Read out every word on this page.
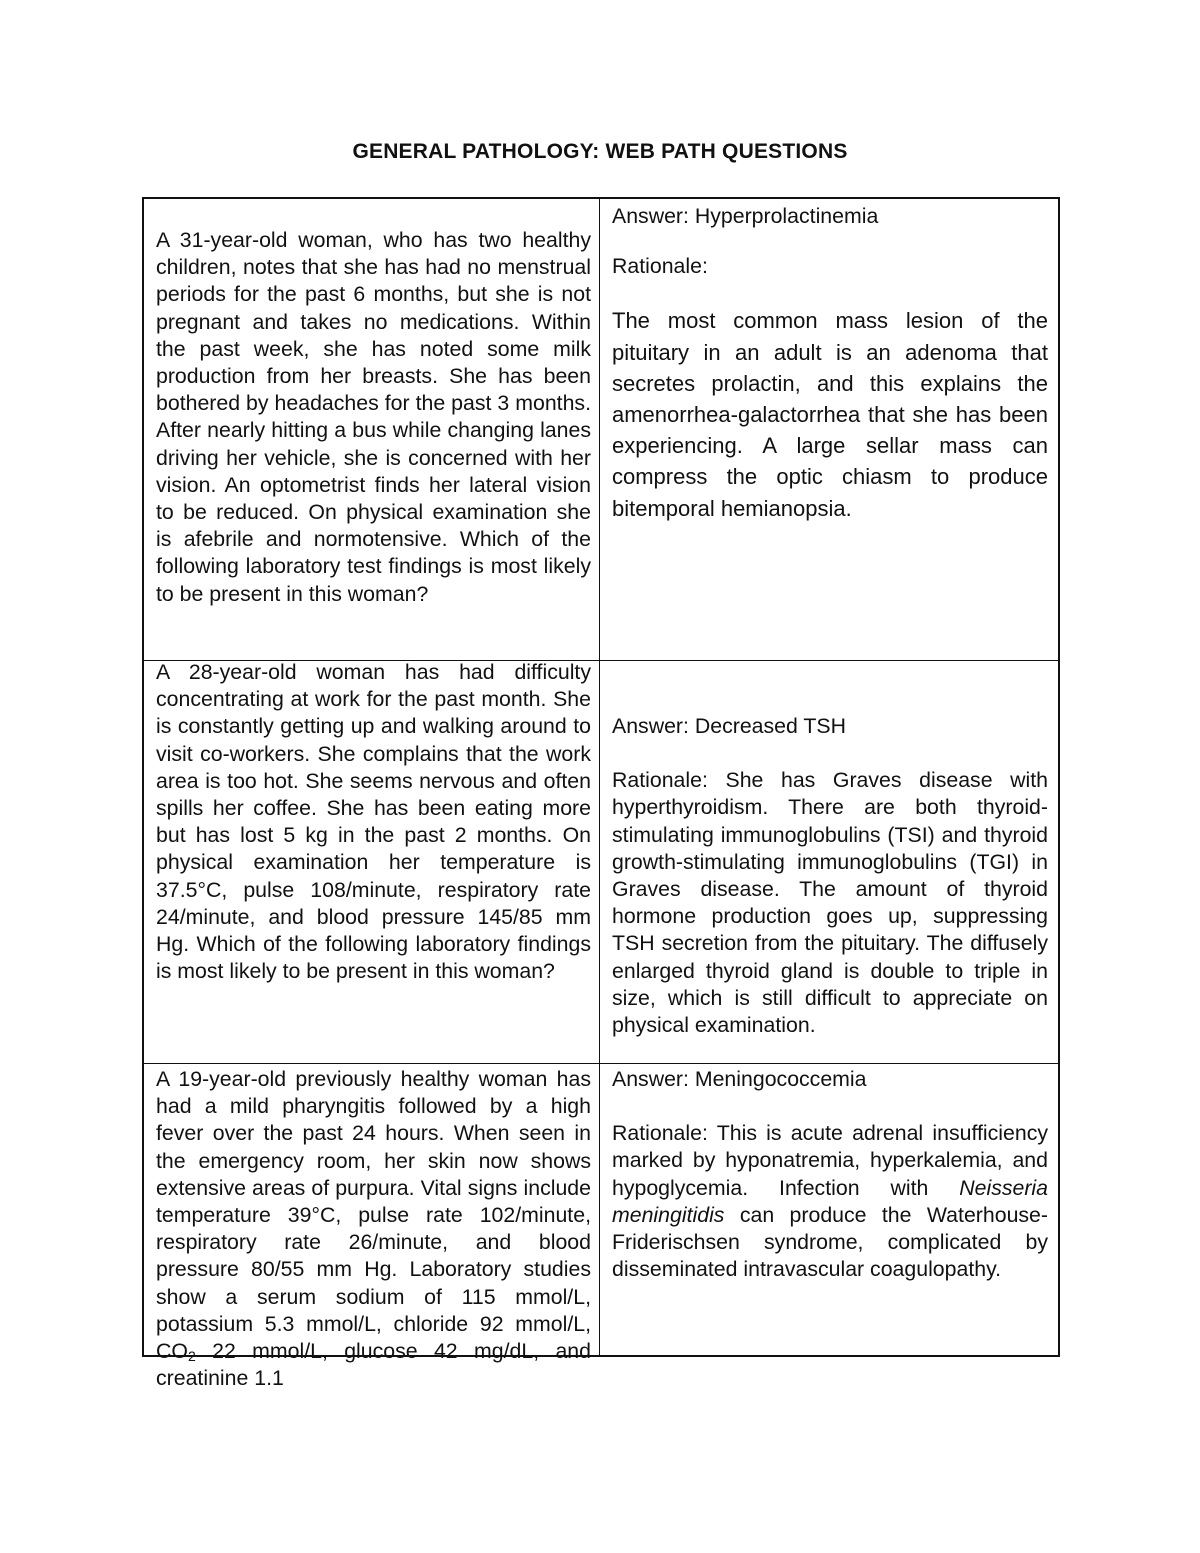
GENERAL PATHOLOGY: WEB PATH QUESTIONS

A 31-year-old woman, who has two healthy children, notes that she has had no menstrual periods for the past 6 months, but she is not pregnant and takes no medications. Within the past week, she has noted some milk production from her breasts. She has been bothered by headaches for the past 3 months. After nearly hitting a bus while changing lanes driving her vehicle, she is concerned with her vision. An optometrist finds her lateral vision to be reduced. On physical examination she is afebrile and normotensive. Which of the following laboratory test findings is most likely to be present in this woman?

Answer: Hyperprolactinemia

Rationale:

The most common mass lesion of the pituitary in an adult is an adenoma that secretes prolactin, and this explains the amenorrhea-galactorrhea that she has been experiencing. A large sellar mass can compress the optic chiasm to produce bitemporal hemianopsia.

A 28-year-old woman has had difficulty concentrating at work for the past month. She is constantly getting up and walking around to visit co-workers. She complains that the work area is too hot. She seems nervous and often spills her coffee. She has been eating more but has lost 5 kg in the past 2 months. On physical examination her temperature is 37.5°C, pulse 108/minute, respiratory rate 24/minute, and blood pressure 145/85 mm Hg. Which of the following laboratory findings is most likely to be present in this woman?

Answer: Decreased TSH

Rationale: She has Graves disease with hyperthyroidism. There are both thyroid-stimulating immunoglobulins (TSI) and thyroid growth-stimulating immunoglobulins (TGI) in Graves disease. The amount of thyroid hormone production goes up, suppressing TSH secretion from the pituitary. The diffusely enlarged thyroid gland is double to triple in size, which is still difficult to appreciate on physical examination.

A 19-year-old previously healthy woman has had a mild pharyngitis followed by a high fever over the past 24 hours. When seen in the emergency room, her skin now shows extensive areas of purpura. Vital signs include temperature 39°C, pulse rate 102/minute, respiratory rate 26/minute, and blood pressure 80/55 mm Hg. Laboratory studies show a serum sodium of 115 mmol/L, potassium 5.3 mmol/L, chloride 92 mmol/L, $CO_2$ 22 mmol/L, glucose 42 mg/dL, and creatinine 1.1

Answer: Meningococcemia

Rationale: This is acute adrenal insufficiency marked by hyponatremia, hyperkalemia, and hypoglycemia. Infection with Neisseria meningitidis can produce the Waterhouse-Friderischsen syndrome, complicated by disseminated intravascular coagulopathy.
